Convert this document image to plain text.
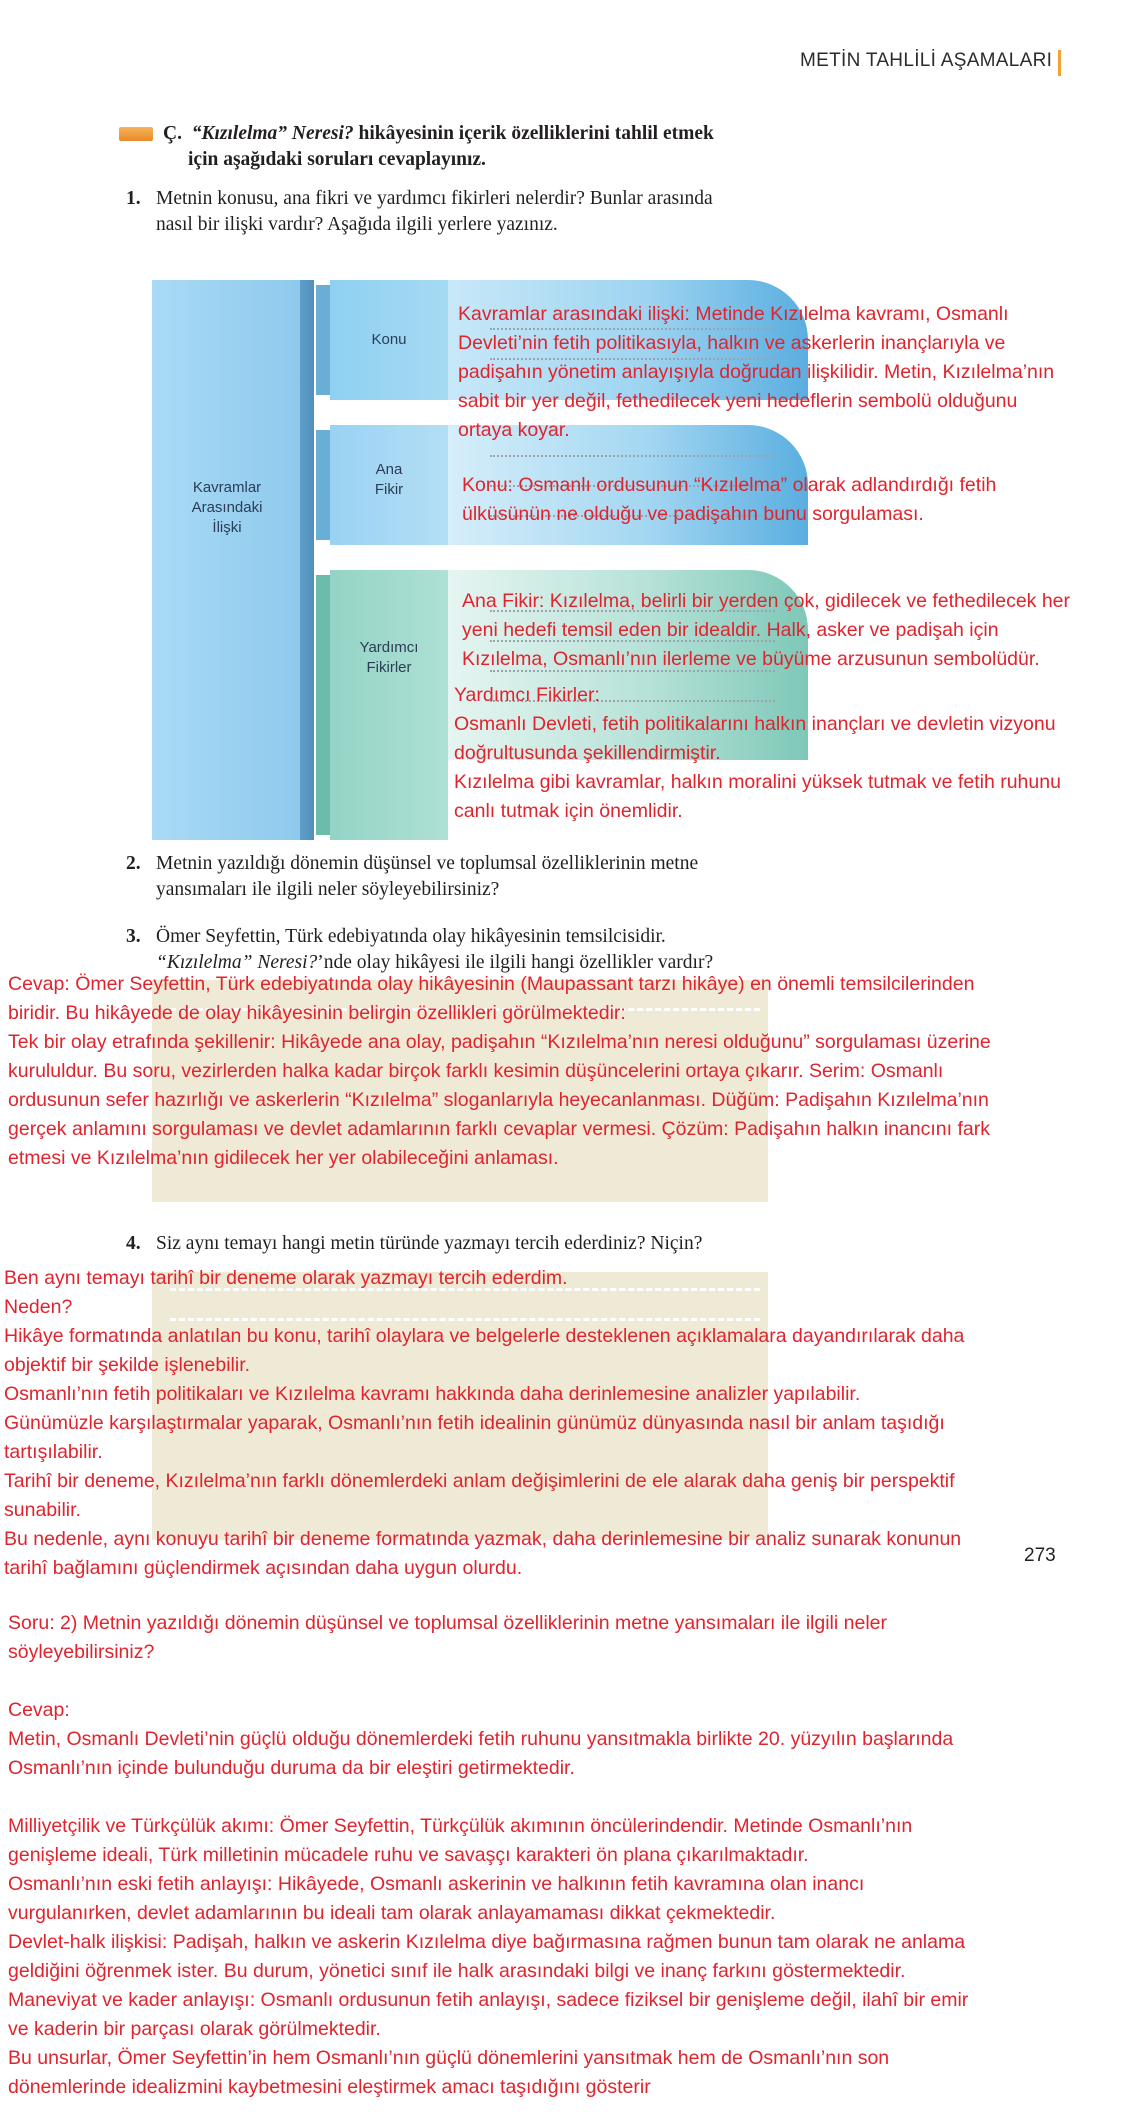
METİN TAHLİLİ AŞAMALARI
Ç. “Kızılelma” Neresi? hikâyesinin içerik özelliklerini tahlil etmek
için aşağıdaki soruları cevaplayınız.
1. Metnin konusu, ana fikri ve yardımcı fikirleri nelerdir? Bunlar arasında
nasıl bir ilişki vardır? Aşağıda ilgili yerlere yazınız.
Kavramlar
Arasındaki
İlişki
Konu
Ana
Fikir
Yardımcı
Fikirler
Kavramlar arasındaki ilişki: Metinde Kızılelma kavramı, Osmanlı
Devleti’nin fetih politikasıyla, halkın ve askerlerin inançlarıyla ve
padişahın yönetim anlayışıyla doğrudan ilişkilidir. Metin, Kızılelma’nın
sabit bir yer değil, fethedilecek yeni hedeflerin sembolü olduğunu
ortaya koyar.
Konu: Osmanlı ordusunun “Kızılelma” olarak adlandırdığı fetih
ülküsünün ne olduğu ve padişahın bunu sorgulaması.
Ana Fikir: Kızılelma, belirli bir yerden çok, gidilecek ve fethedilecek her
yeni hedefi temsil eden bir idealdir. Halk, asker ve padişah için
Kızılelma, Osmanlı’nın ilerleme ve büyüme arzusunun sembolüdür.
Yardımcı Fikirler:
Osmanlı Devleti, fetih politikalarını halkın inançları ve devletin vizyonu
doğrultusunda şekillendirmiştir.
Kızılelma gibi kavramlar, halkın moralini yüksek tutmak ve fetih ruhunu
canlı tutmak için önemlidir.
2. Metnin yazıldığı dönemin düşünsel ve toplumsal özelliklerinin metne
yansımaları ile ilgili neler söyleyebilirsiniz?
3. Ömer Seyfettin, Türk edebiyatında olay hikâyesinin temsilcisidir.
“Kızılelma” Neresi?’nde olay hikâyesi ile ilgili hangi özellikler vardır?
Cevap: Ömer Seyfettin, Türk edebiyatında olay hikâyesinin (Maupassant tarzı hikâye) en önemli temsilcilerinden
biridir. Bu hikâyede de olay hikâyesinin belirgin özellikleri görülmektedir:
Tek bir olay etrafında şekillenir: Hikâyede ana olay, padişahın “Kızılelma’nın neresi olduğunu” sorgulaması üzerine
kurululdur. Bu soru, vezirlerden halka kadar birçok farklı kesimin düşüncelerini ortaya çıkarır. Serim: Osmanlı
ordusunun sefer hazırlığı ve askerlerin “Kızılelma” sloganlarıyla heyecanlanması. Düğüm: Padişahın Kızılelma’nın
gerçek anlamını sorgulaması ve devlet adamlarının farklı cevaplar vermesi. Çözüm: Padişahın halkın inancını fark
etmesi ve Kızılelma’nın gidilecek her yer olabileceğini anlaması.
4. Siz aynı temayı hangi metin türünde yazmayı tercih ederdiniz? Niçin?
Ben aynı temayı tarihî bir deneme olarak yazmayı tercih ederdim.
Neden?
Hikâye formatında anlatılan bu konu, tarihî olaylara ve belgelerle desteklenen açıklamalara dayandırılarak daha
objektif bir şekilde işlenebilir.
Osmanlı’nın fetih politikaları ve Kızılelma kavramı hakkında daha derinlemesine analizler yapılabilir.
Günümüzle karşılaştırmalar yaparak, Osmanlı’nın fetih idealinin günümüz dünyasında nasıl bir anlam taşıdığı
tartışılabilir.
Tarihî bir deneme, Kızılelma’nın farklı dönemlerdeki anlam değişimlerini de ele alarak daha geniş bir perspektif
sunabilir.
Bu nedenle, aynı konuyu tarihî bir deneme formatında yazmak, daha derinlemesine bir analiz sunarak konunun
tarihî bağlamını güçlendirmek açısından daha uygun olurdu.
273
Soru: 2) Metnin yazıldığı dönemin düşünsel ve toplumsal özelliklerinin metne yansımaları ile ilgili neler
söyleyebilirsiniz?
Cevap:
Metin, Osmanlı Devleti’nin güçlü olduğu dönemlerdeki fetih ruhunu yansıtmakla birlikte 20. yüzyılın başlarında
Osmanlı’nın içinde bulunduğu duruma da bir eleştiri getirmektedir.
Milliyetçilik ve Türkçülük akımı: Ömer Seyfettin, Türkçülük akımının öncülerindendir. Metinde Osmanlı’nın
genişleme ideali, Türk milletinin mücadele ruhu ve savaşçı karakteri ön plana çıkarılmaktadır.
Osmanlı’nın eski fetih anlayışı: Hikâyede, Osmanlı askerinin ve halkının fetih kavramına olan inancı
vurgulanırken, devlet adamlarının bu ideali tam olarak anlayamaması dikkat çekmektedir.
Devlet-halk ilişkisi: Padişah, halkın ve askerin Kızılelma diye bağırmasına rağmen bunun tam olarak ne anlama
geldiğini öğrenmek ister. Bu durum, yönetici sınıf ile halk arasındaki bilgi ve inanç farkını göstermektedir.
Maneviyat ve kader anlayışı: Osmanlı ordusunun fetih anlayışı, sadece fiziksel bir genişleme değil, ilahî bir emir
ve kaderin bir parçası olarak görülmektedir.
Bu unsurlar, Ömer Seyfettin’in hem Osmanlı’nın güçlü dönemlerini yansıtmak hem de Osmanlı’nın son
dönemlerinde idealizmini kaybetmesini eleştirmek amacı taşıdığını gösterir
